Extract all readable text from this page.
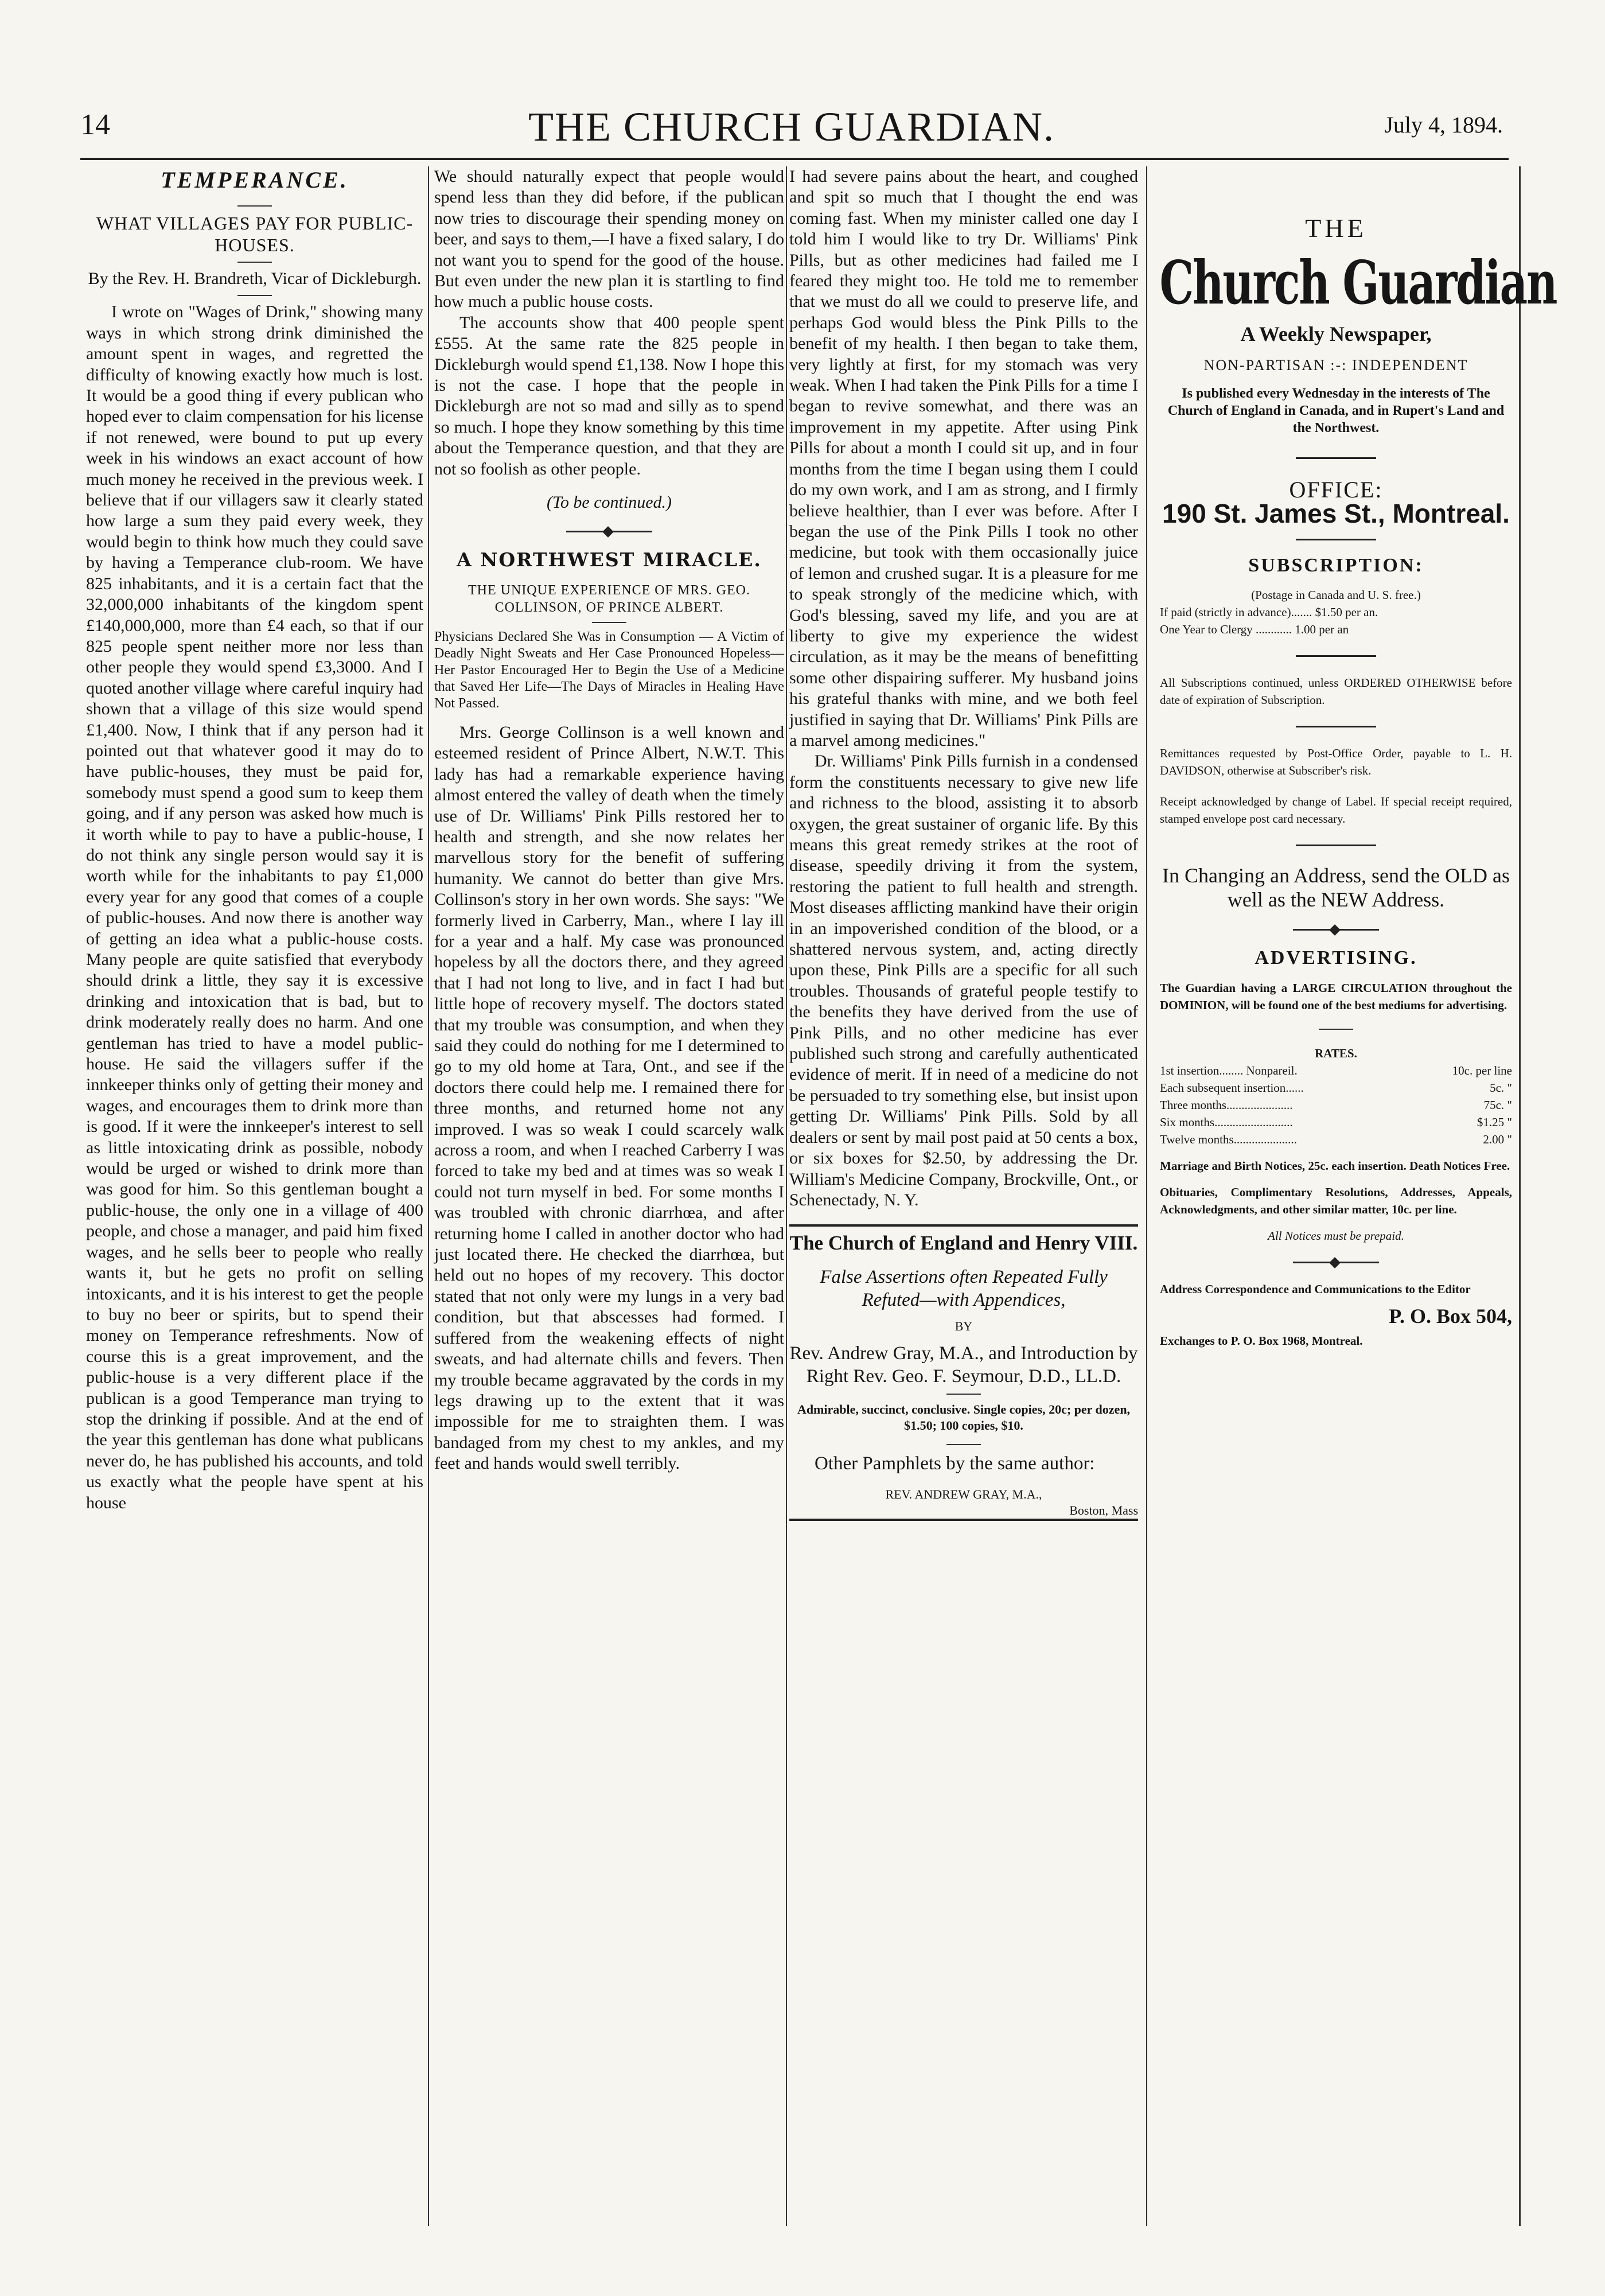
14	THE CHURCH GUARDIAN.	July 4, 1894.
TEMPERANCE.
WHAT VILLAGES PAY FOR PUBLIC-HOUSES.
By the Rev. H. Brandreth, Vicar of Dickleburgh.

I wrote on "Wages of Drink," showing many ways in which strong drink diminished the amount spent in wages, and regretted the difficulty of knowing exactly how much is lost. It would be a good thing if every publican who hoped ever to claim compensation for his license if not renewed, were bound to put up every week in his windows an exact account of how much money he received in the previous week. I believe that if our villagers saw it clearly stated how large a sum they paid every week, they would begin to think how much they could save by having a Temperance club-room. We have 825 inhabitants, and it is a certain fact that the 32,000,000 inhabitants of the kingdom spent £140,000,000, more than £4 each, so that if our 825 people spent neither more nor less than other people they would spend £3,3000. And I quoted another village where careful inquiry had shown that a village of this size would spend £1,400. Now, I think that if any person had it pointed out that whatever good it may do to have public-houses, they must be paid for, somebody must spend a good sum to keep them going, and if any person was asked how much is it worth while to pay to have a public-house, I do not think any single person would say it is worth while for the inhabitants to pay £1,000 every year for any good that comes of a couple of public-houses. And now there is another way of getting an idea what a public-house costs. Many people are quite satisfied that everybody should drink a little, they say it is excessive drinking and intoxication that is bad, but to drink moderately really does no harm. And one gentleman has tried to have a model public-house. He said the villagers suffer if the innkeeper thinks only of getting their money and wages, and encourages them to drink more than is good. If it were the innkeeper's interest to sell as little intoxicating drink as possible, nobody would be urged or wished to drink more than was good for him. So this gentleman bought a public-house, the only one in a village of 400 people, and chose a manager, and paid him fixed wages, and he sells beer to people who really wants it, but he gets no profit on selling intoxicants, and it is his interest to get the people to buy no beer or spirits, but to spend their money on Temperance refreshments. Now of course this is a great improvement, and the public-house is a very different place if the publican is a good Temperance man trying to stop the drinking if possible. And at the end of the year this gentleman has done what publicans never do, he has published his accounts, and told us exactly what the people have spent at his house

We should naturally expect that people would spend less than they did before, if the publican now tries to discourage their spending money on beer, and says to them,—I have a fixed salary, I do not want you to spend for the good of the house. But even under the new plan it is startling to find how much a public house costs.

The accounts show that 400 people spent £555. At the same rate the 825 people in Dickleburgh would spend £1,138. Now I hope this is not the case. I hope that the people in Dickleburgh are not so mad and silly as to spend so much. I hope they know something by this time about the Temperance question, and that they are not so foolish as other people.

(To be continued.)
A NORTHWEST MIRACLE.
THE UNIQUE EXPERIENCE OF MRS. GEO. COLLINSON, OF PRINCE ALBERT.
Physicians Declared She Was in Consumption — A Victim of Deadly Night Sweats and Her Case Pronounced Hopeless—Her Pastor Encouraged Her to Begin the Use of a Medicine that Saved Her Life—The Days of Miracles in Healing Have Not Passed.

Mrs. George Collinson is a well known and esteemed resident of Prince Albert, N.W.T. This lady has had a remarkable experience having almost entered the valley of death when the timely use of Dr. Williams' Pink Pills restored her to health and strength, and she now relates her marvellous story for the benefit of suffering humanity. We cannot do better than give Mrs. Collinson's story in her own words. She says: "We formerly lived in Carberry, Man., where I lay ill for a year and a half. My case was pronounced hopeless by all the doctors there, and they agreed that I had not long to live, and in fact I had but little hope of recovery myself. The doctors stated that my trouble was consumption, and when they said they could do nothing for me I determined to go to my old home at Tara, Ont., and see if the doctors there could help me. I remained there for three months, and returned home not any improved. I was so weak I could scarcely walk across a room, and when I reached Carberry I was forced to take my bed and at times was so weak I could not turn myself in bed. For some months I was troubled with chronic diarrhœa, and after returning home I called in another doctor who had just located there. He checked the diarrhœa, but held out no hopes of my recovery. This doctor stated that not only were my lungs in a very bad condition, but that abscesses had formed. I suffered from the weakening effects of night sweats, and had alternate chills and fevers. Then my trouble became aggravated by the cords in my legs drawing up to the extent that it was impossible for me to straighten them. I was bandaged from my chest to my ankles, and my feet and hands would swell terribly.

I had severe pains about the heart, and coughed and spit so much that I thought the end was coming fast. When my minister called one day I told him I would like to try Dr. Williams' Pink Pills, but as other medicines had failed me I feared they might too. He told me to remember that we must do all we could to preserve life, and perhaps God would bless the Pink Pills to the benefit of my health. I then began to take them, very lightly at first, for my stomach was very weak. When I had taken the Pink Pills for a time I began to revive somewhat, and there was an improvement in my appetite. After using Pink Pills for about a month I could sit up, and in four months from the time I began using them I could do my own work, and I am as strong, and I firmly believe healthier, than I ever was before. After I began the use of the Pink Pills I took no other medicine, but took with them occasionally juice of lemon and crushed sugar. It is a pleasure for me to speak strongly of the medicine which, with God's blessing, saved my life, and you are at liberty to give my experience the widest circulation, as it may be the means of benefitting some other dispairing sufferer. My husband joins his grateful thanks with mine, and we both feel justified in saying that Dr. Williams' Pink Pills are a marvel among medicines."

Dr. Williams' Pink Pills furnish in a condensed form the constituents necessary to give new life and richness to the blood, assisting it to absorb oxygen, the great sustainer of organic life. By this means this great remedy strikes at the root of disease, speedily driving it from the system, restoring the patient to full health and strength. Most diseases afflicting mankind have their origin in an impoverished condition of the blood, or a shattered nervous system, and, acting directly upon these, Pink Pills are a specific for all such troubles. Thousands of grateful people testify to the benefits they have derived from the use of Pink Pills, and no other medicine has ever published such strong and carefully authenticated evidence of merit. If in need of a medicine do not be persuaded to try something else, but insist upon getting Dr. Williams' Pink Pills. Sold by all dealers or sent by mail post paid at 50 cents a box, or six boxes for $2.50, by addressing the Dr. William's Medicine Company, Brockville, Ont., or Schenectady, N. Y.

The Church of England and Henry VIII.
False Assertions often Repeated Fully Refuted—with Appendices,
BY
Rev. Andrew Gray, M.A., and Introduction by Right Rev. Geo. F. Seymour, D.D., LL.D.
Admirable, succinct, conclusive. Single copies, 20c; per dozen, $1.50; 100 copies, $10.

Other Pamphlets by the same author:

REV. ANDREW GRAY, M.A.,
Boston, Mass
THE
Church Guardian
A Weekly Newspaper,
NON-PARTISAN :-: INDEPENDENT
Is published every Wednesday in the interests of The Church of England in Canada, and in Rupert's Land and the Northwest.
OFFICE:
190 St. James St., Montreal.
SUBSCRIPTION:
(Postage in Canada and U. S. free.)
If paid (strictly in advance)....... $1.50 per an.
One Year to Clergy ............ 1.00 per an
All Subscriptions continued, unless ORDERED OTHERWISE before date of expiration of Subscription.
Remittances requested by Post-Office Order, payable to L. H. DAVIDSON, otherwise at Subscriber's risk.
Receipt acknowledged by change of Label. If special receipt required, stamped envelope post card necessary.
In Changing an Address, send the OLD as well as the NEW Address.
ADVERTISING.
The Guardian having a LARGE CIRCULATION throughout the DOMINION, will be found one of the best mediums for advertising.
RATES.
1st insertion........ Nonpareil.	10c. per line
Each subsequent insertion......	5c. "
Three months......................	75c. "
Six months..........................	$1.25 "
Twelve months.....................	2.00 "
Marriage and Birth Notices, 25c. each insertion. Death Notices Free.
Obituaries, Complimentary Resolutions, Addresses, Appeals, Acknowledgments, and other similar matter, 10c. per line.
All Notices must be prepaid.
Address Correspondence and Communications to the Editor
P. O. Box 504,
Exchanges to P. O. Box 1968, Montreal.
